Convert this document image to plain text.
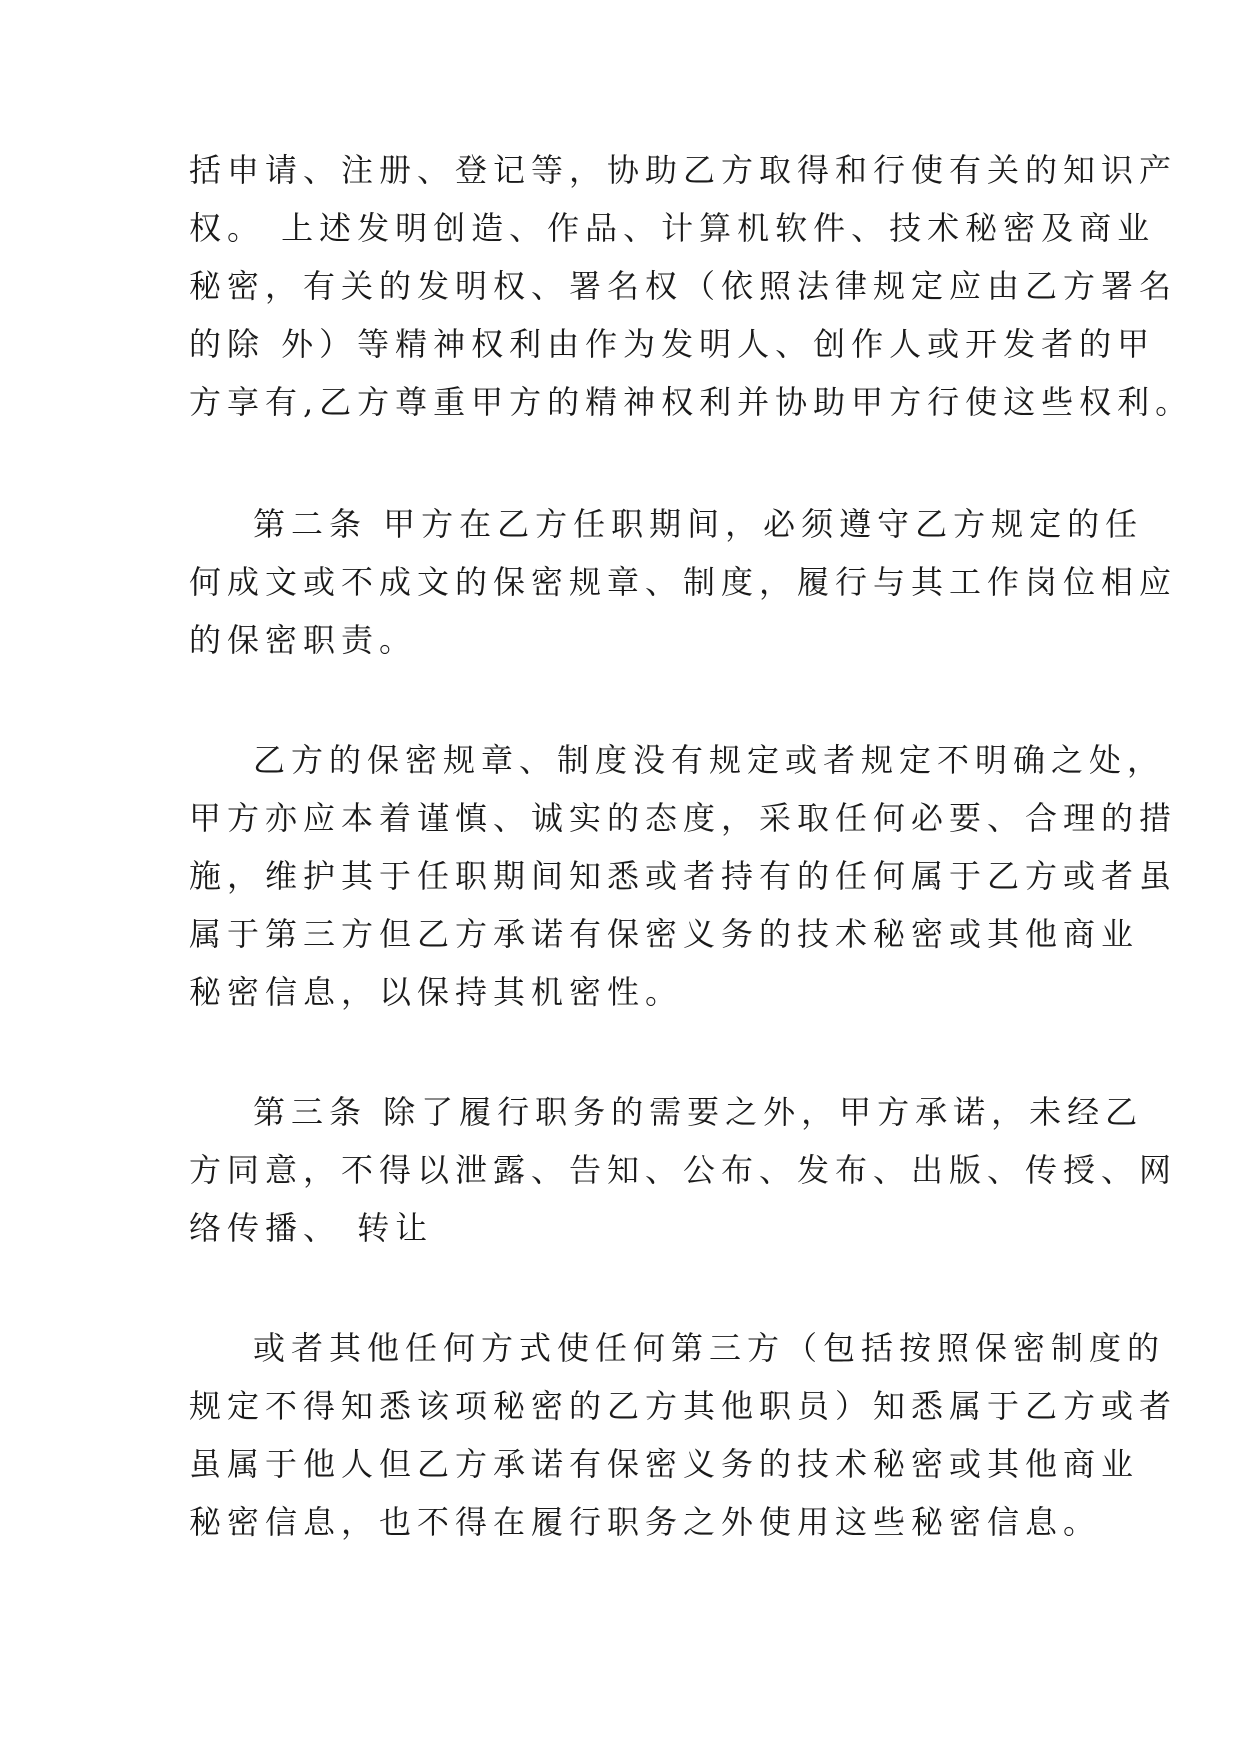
括申请、注册、登记等，协助乙方取得和行使有关的知识产
权。 上述发明创造、作品、计算机软件、技术秘密及商业
秘密，有关的发明权、署名权（依照法律规定应由乙方署名
的除 外）等精神权利由作为发明人、创作人或开发者的甲
方享有,乙方尊重甲方的精神权利并协助甲方行使这些权利。
第二条 甲方在乙方任职期间，必须遵守乙方规定的任
何成文或不成文的保密规章、制度，履行与其工作岗位相应
的保密职责。
乙方的保密规章、制度没有规定或者规定不明确之处，
甲方亦应本着谨慎、诚实的态度，采取任何必要、合理的措
施，维护其于任职期间知悉或者持有的任何属于乙方或者虽
属于第三方但乙方承诺有保密义务的技术秘密或其他商业
秘密信息，以保持其机密性。
第三条 除了履行职务的需要之外，甲方承诺，未经乙
方同意，不得以泄露、告知、公布、发布、出版、传授、网
络传播、 转让
或者其他任何方式使任何第三方（包括按照保密制度的
规定不得知悉该项秘密的乙方其他职员）知悉属于乙方或者
虽属于他人但乙方承诺有保密义务的技术秘密或其他商业
秘密信息，也不得在履行职务之外使用这些秘密信息。
